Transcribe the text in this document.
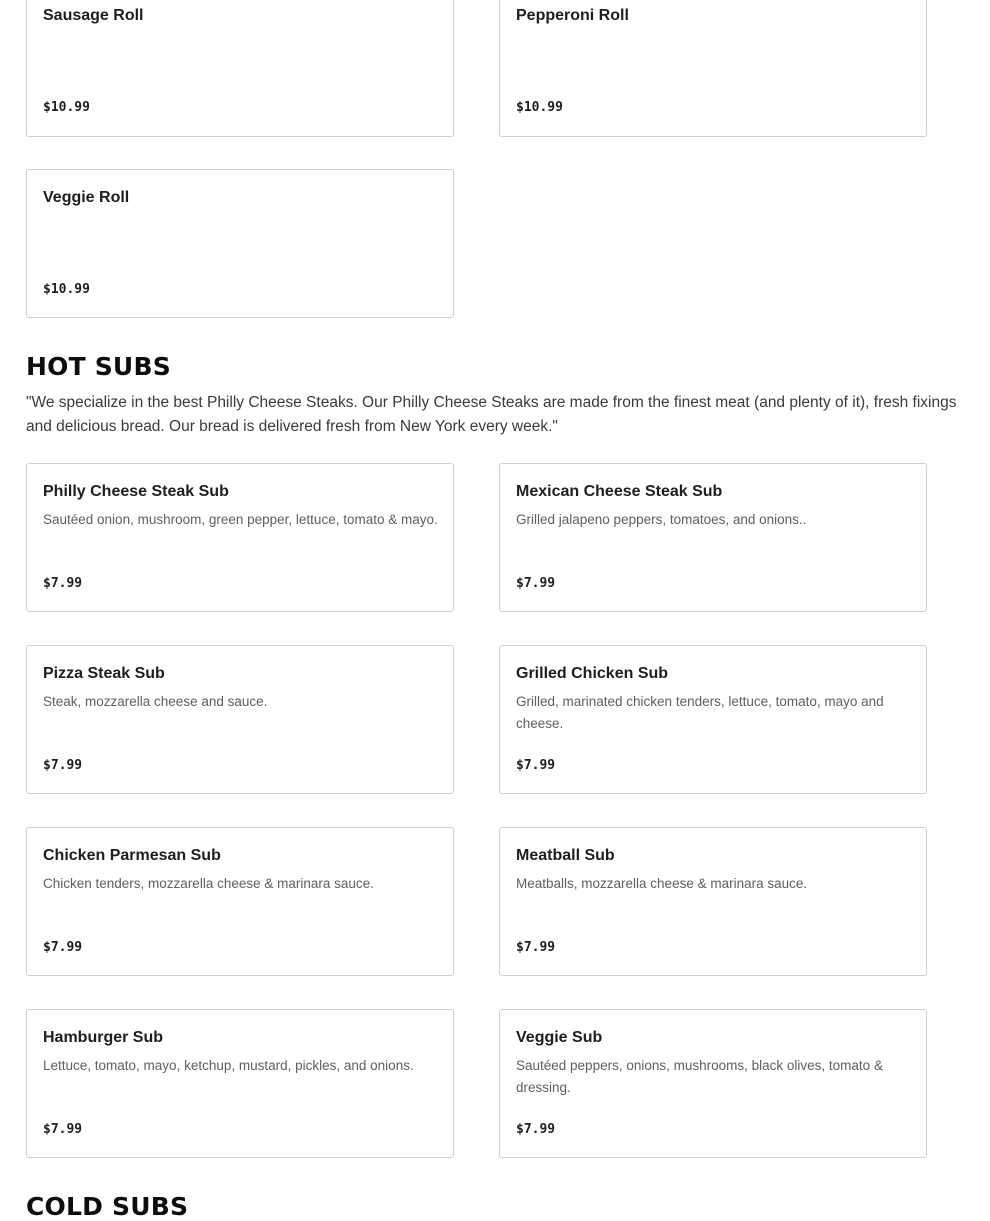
Sausage Roll
$10.99
Pepperoni Roll
$10.99
Veggie Roll
$10.99
HOT SUBS

"We specialize in the best Philly Cheese Steaks. Our Philly Cheese Steaks are made from the finest meat (and plenty of it), fresh fixings and delicious bread. Our bread is delivered fresh from New York every week."

Philly Cheese Steak Sub
Sautéed onion, mushroom, green pepper, lettuce, tomato & mayo.
$7.99
Mexican Cheese Steak Sub
Grilled jalapeno peppers, tomatoes, and onions..
$7.99
Pizza Steak Sub
Steak, mozzarella cheese and sauce.
$7.99
Grilled Chicken Sub
Grilled, marinated chicken tenders, lettuce, tomato, mayo and cheese.
$7.99
Chicken Parmesan Sub
Chicken tenders, mozzarella cheese & marinara sauce.
$7.99
Meatball Sub
Meatballs, mozzarella cheese & marinara sauce.
$7.99
Hamburger Sub
Lettuce, tomato, mayo, ketchup, mustard, pickles, and onions.
$7.99
Veggie Sub
Sautéed peppers, onions, mushrooms, black olives, tomato & dressing.
$7.99
COLD SUBS
